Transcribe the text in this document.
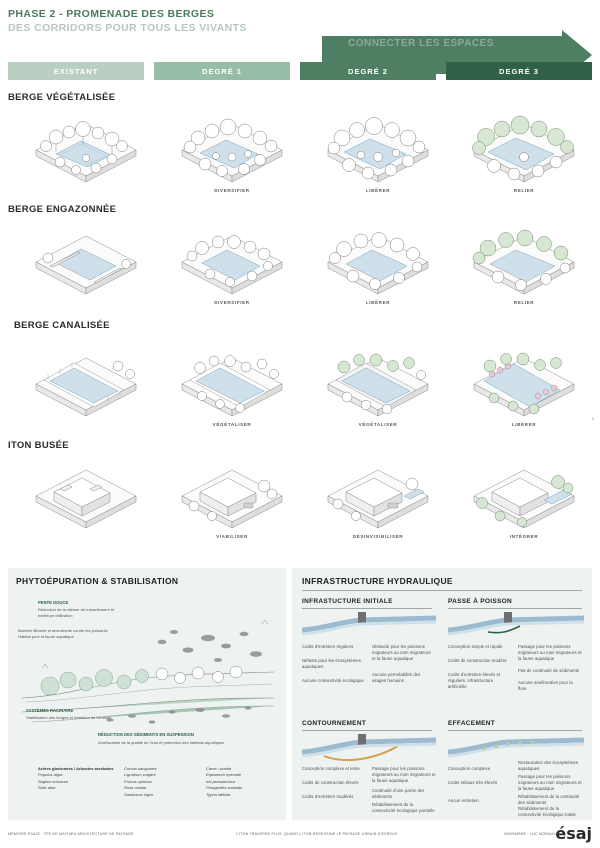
PHASE 2 - PROMENADE DES BERGES
DES CORRIDORS POUR TOUS LES VIVANTS
CONNECTER LES ESPACES
EXISTANT	DEGRÉ 1	DEGRÉ 2	DEGRÉ 3
BERGE VÉGÉTALISÉE
DIVERSIFIER	LIBÉRER	RELIER
BERGE ENGAZONNÉE
DIVERSIFIER	LIBÉRER	RELIER
BERGE CANALISÉE
VÉGÉTALISER	VÉGÉTALISER	LIBÉRER
ITON BUSÉE
VIABILISER	DÉSINVISIBILISER	INTÉGRER
6
PHYTOÉPURATION & STABILISATION
PENTE DOUCE
Réduction de la vitesse de ruissellement et meilleure infiltration
Barrière filtrante et absorbante contre les polluants Habitat pour la faune aquatique
SYSTÈMES RACINAIRE
Stabilisation des berges et limitation de l'érosion
RÉDUCTION DES SÉDIMENTS EN SUSPENSION
Amélioration de la qualité de l'eau et protection des habitats aquatiques
Arbres glacinaires / Arbustes acrobates
Populus nigra
Sagina ochracea
Salix alba
Cornus sanguinea
Ligustrum vulgare
Prunus spinosa
Rosa canina
Sambucus nigra
Carex / prairie
Equisetum hyemale
Iris pseudacorus
Phragmites australis
Typha latifolia
INFRASTRUCTURE HYDRAULIQUE
INFRASTUCTURE INITIALE
Coûts d'entretien réguliers
Néfaste pour les écosystèmes aquatiques
Aucune connectivité écologique
Obstacle pour les poissons migrateurs au nom migrateurs et la faune aquatique
Aucune perméabilité des usages humains
PASSE À POISSON
Conception simple et rapide
Coûts de construction modéré
Coûts d'entretien élevés et réguliers, infrastructure artificielle
Passage pour les poissons migrateurs au nom migrateurs et la faune aquatique
Pas de continuité de sédiments
Aucune amélioration pour la flore
CONTOURNEMENT
Conception complexe et lente
Coûts de construction élevés
Coûts d'entretien modérés
Passage pour les poissons migrateurs au nom migrateurs et la faune aquatique
Continuité d'une partie des sédiments
Rétablissement de la connectivité écologique partielle
EFFACEMENT
Conception complexe
Coûts initiaux très élevés
Aucun entretien
Restauration des écosystèmes aquatiques
Passage pour les poissons migrateurs au nom migrateurs et la faune aquatique
Rétablissement de la continuité des sédiments
Rétablissement de la connectivité écologique totale
MÉMOIRE ÉSAJE · TFE DE MATHIEU ARCHITECTURE DE PAYSAGE	L'ITON TRAVERSE PLUS, QUAND L'ITON REDESSINE LE PAYSAGE URBAIN D'ÉVREUX	NOVEMBRE · LUC MORAUX ésaj
